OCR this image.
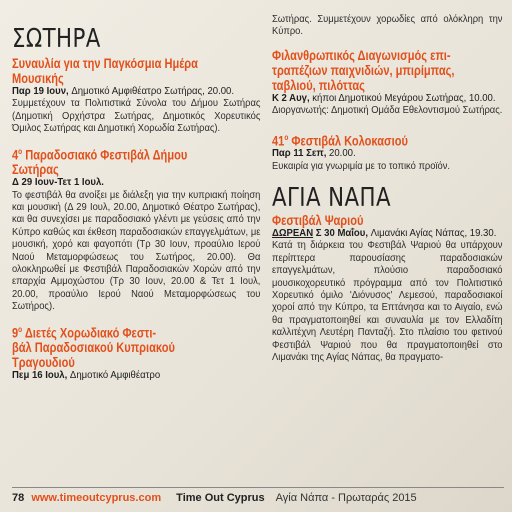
ΣΩΤΗΡΑ
Συναυλία για την Παγκόσμια Ημέρα
Μουσικής
Παρ 19 Ιουν, Δημοτικό Αμφιθέατρο Σωτήρας, 20.00.

Συμμετέχουν τα Πολιτιστικά Σύνολα του Δήμου Σωτήρας (Δημοτική Ορχήστρα Σωτήρας, Δημοτικός Χορευτικός Όμιλος Σωτήρας και Δημοτική Χορωδία Σωτήρας).

$4^o$ Παραδοσιακό Φεστιβάλ Δήμου
Σωτήρας
Δ 29 Ιουν-Τετ 1 Ιουλ.

Το φεστιβάλ θα ανοίξει με διάλεξη για την κυπριακή ποίηση και μουσική (Δ 29 Ιουλ, 20.00, Δημοτικό Θέατρο Σωτήρας), και θα συνεχίσει με παραδοσιακό γλέντι με γεύσεις από την Κύπρο καθώς και έκθεση παραδοσιακών επαγγελμάτων, με μουσική, χορό και φαγοπότι (Τρ 30 Ιουν, προαύλιο Ιερού Ναού Μεταμορφώσεως του Σωτήρος, 20.00). Θα ολοκληρωθεί με Φεστιβάλ Παραδοσιακών Χορών από την επαρχία Αμμοχώστου (Τρ 30 Ιουν, 20.00 & Τετ 1 Ιουλ, 20.00, προαύλιο Ιερού Ναού Μεταμορφώσεως του Σωτήρος).

$9^o$ Διετές Χορωδιακό Φεστι-
βάλ Παραδοσιακού Κυπριακού
Τραγουδιού
Πεμ 16 Ιουλ, Δημοτικό Αμφιθέατρο

Σωτήρας. Συμμετέχουν χορωδίες από ολόκληρη την Κύπρο.

Φιλανθρωπικός Διαγωνισμός επι-
τραπέζιων παιχνιδιών, μπιρίμπας,
ταβλιού, πιλόττας
Κ 2 Αυγ, κήποι Δημοτικού Μεγάρου Σωτήρας, 10.00.

Διοργανωτής: Δημοτική Ομάδα Εθελοντισμού Σωτήρας.

$41^o$ Φεστιβάλ Κολοκασιού
Παρ 11 Σεπ, 20.00.

Ευκαιρία για γνωριμία με το τοπικό προϊόν.

ΑΓΙΑ ΝΑΠΑ
Φεστιβάλ Ψαριού
ΔΩΡΕΑΝ Σ 30 Μαΐου, Λιμανάκι Αγίας Νάπας, 19.30.

Κατά τη διάρκεια του Φεστιβάλ Ψαριού θα υπάρχουν περίπτερα παρουσίασης παραδοσιακών επαγγελμάτων, πλούσιο παραδοσιακό μουσικοχορευτικό πρόγραμμα από τον Πολιτιστικό Χορευτικό όμιλο 'Διόνυσος' Λεμεσού, παραδοσιακοί χοροί από την Κύπρο, τα Επτάνησα και το Αιγαίο, ενώ θα πραγματοποιηθεί και συναυλία με τον Ελλαδίτη καλλιτέχνη Λευτέρη Πανταζή. Στο πλαίσιο του φετινού Φεστιβάλ Ψαριού που θα πραγματοποιηθεί στο Λιμανάκι της Αγίας Νάπας, θα πραγματο-

78 www.timeoutcyprus.com Time Out Cyprus Αγία Νάπα - Πρωταράς 2015
